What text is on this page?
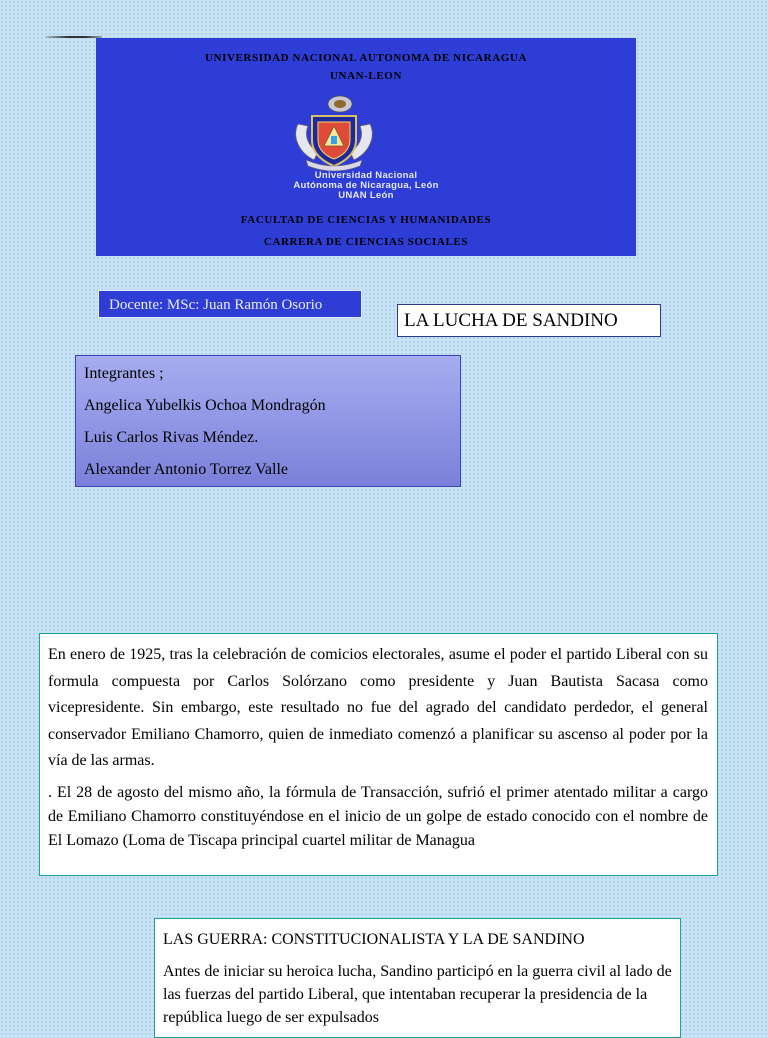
UNIVERSIDAD NACIONAL AUTONOMA DE NICARAGUA
UNAN-LEON
Universidad Nacional
Autónoma de Nicaragua, León
UNAN León
FACULTAD DE CIENCIAS Y HUMANIDADES
CARRERA DE CIENCIAS SOCIALES
Docente: MSc: Juan Ramón Osorio
LA LUCHA DE SANDINO
Integrantes ;
Angelica Yubelkis Ochoa Mondragón
Luis Carlos Rivas Méndez.
Alexander Antonio Torrez Valle

En enero de 1925, tras la celebración de comicios electorales, asume el poder el partido Liberal con su formula compuesta por Carlos Solórzano como presidente y Juan Bautista Sacasa como vicepresidente. Sin embargo, este resultado no fue del agrado del candidato perdedor, el general conservador Emiliano Chamorro, quien de inmediato comenzó a planificar su ascenso al poder por la vía de las armas.

. El 28 de agosto del mismo año, la fórmula de Transacción, sufrió el primer atentado militar a cargo de Emiliano Chamorro constituyéndose en el inicio de un golpe de estado conocido con el nombre de El Lomazo (Loma de Tiscapa principal cuartel militar de Managua

LAS GUERRA: CONSTITUCIONALISTA Y LA DE SANDINO
Antes de iniciar su heroica lucha, Sandino participó en la guerra civil al lado de las fuerzas del partido Liberal, que intentaban recuperar la presidencia de la república luego de ser expulsados
